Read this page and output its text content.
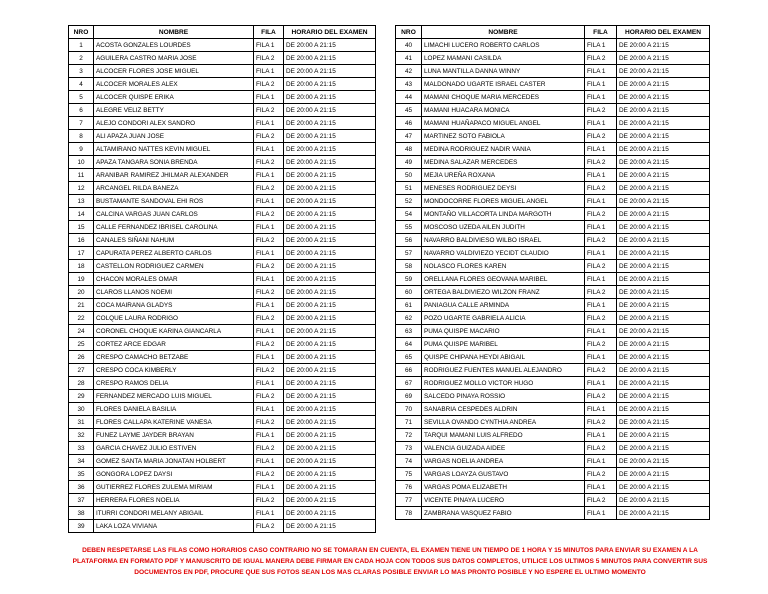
NRO	NOMBRE	FILA	HORARIO DEL EXAMEN
1	ACOSTA GONZALES LOURDES	FILA 1	DE 20:00 A 21:15
2	AGUILERA CASTRO MARIA JOSE	FILA 2	DE 20:00 A 21:15
3	ALCOCER FLORES JOSE MIGUEL	FILA 1	DE 20:00 A 21:15
4	ALCOCER MORALES ALEX	FILA 2	DE 20:00 A 21:15
5	ALCOCER QUISPE ERIKA	FILA 1	DE 20:00 A 21:15
6	ALEGRE VELIZ BETTY	FILA 2	DE 20:00 A 21:15
7	ALEJO CONDORI ALEX SANDRO	FILA 1	DE 20:00 A 21:15
8	ALI APAZA JUAN JOSE	FILA 2	DE 20:00 A 21:15
9	ALTAMIRANO NATTES KEVIN MIGUEL	FILA 1	DE 20:00 A 21:15
10	APAZA TANGARA SONIA BRENDA	FILA 2	DE 20:00 A 21:15
11	ARANIBAR RAMIREZ JHILMAR ALEXANDER	FILA 1	DE 20:00 A 21:15
12	ARCANGEL RILDA BANEZA	FILA 2	DE 20:00 A 21:15
13	BUSTAMANTE SANDOVAL EHI ROS	FILA 1	DE 20:00 A 21:15
14	CALCINA VARGAS JUAN CARLOS	FILA 2	DE 20:00 A 21:15
15	CALLE FERNANDEZ IBRISEL CAROLINA	FILA 1	DE 20:00 A 21:15
16	CANALES SIÑANI NAHUM	FILA 2	DE 20:00 A 21:15
17	CAPURATA PEREZ ALBERTO CARLOS	FILA 1	DE 20:00 A 21:15
18	CASTELLON RODRIGUEZ CARMEN	FILA 2	DE 20:00 A 21:15
19	CHACON MORALES OMAR	FILA 1	DE 20:00 A 21:15
20	CLAROS LLANOS NOEMI	FILA 2	DE 20:00 A 21:15
21	COCA MAIRANA GLADYS	FILA 1	DE 20:00 A 21:15
22	COLQUE LAURA RODRIGO	FILA 2	DE 20:00 A 21:15
24	CORONEL CHOQUE KARINA GIANCARLA	FILA 1	DE 20:00 A 21:15
25	CORTEZ ARCE EDGAR	FILA 2	DE 20:00 A 21:15
26	CRESPO CAMACHO BETZABE	FILA 1	DE 20:00 A 21:15
27	CRESPO COCA KIMBERLY	FILA 2	DE 20:00 A 21:15
28	CRESPO RAMOS DELIA	FILA 1	DE 20:00 A 21:15
29	FERNANDEZ MERCADO LUIS MIGUEL	FILA 2	DE 20:00 A 21:15
30	FLORES DANIELA BASILIA	FILA 1	DE 20:00 A 21:15
31	FLORES CALLAPA KATERINE VANESA	FILA 2	DE 20:00 A 21:15
32	FUNEZ LAYME JAYDER BRAYAN	FILA 1	DE 20:00 A 21:15
33	GARCIA CHAVEZ JULIO ESTIVEN	FILA 2	DE 20:00 A 21:15
34	GOMEZ SANTA MARIA JONATAN HOLBERT	FILA 1	DE 20:00 A 21:15
35	GONGORA LOPEZ DAYSI	FILA 2	DE 20:00 A 21:15
36	GUTIERREZ FLORES ZULEMA MIRIAM	FILA 1	DE 20:00 A 21:15
37	HERRERA FLORES NOELIA	FILA 2	DE 20:00 A 21:15
38	ITURRI CONDORI MELANY ABIGAIL	FILA 1	DE 20:00 A 21:15
39	LAKA LOZA VIVIANA	FILA 2	DE 20:00 A 21:15
NRO	NOMBRE	FILA	HORARIO DEL EXAMEN
40	LIMACHI LUCERO ROBERTO CARLOS	FILA 1	DE 20:00 A 21:15
41	LOPEZ MAMANI CASILDA	FILA 2	DE 20:00 A 21:15
42	LUNA MANTILLA DANNA WINNY	FILA 1	DE 20:00 A 21:15
43	MALDONADO UGARTE ISRAEL CASTER	FILA 1	DE 20:00 A 21:15
44	MAMANI CHOQUE MARIA MERCEDES	FILA 1	DE 20:00 A 21:15
45	MAMANI HUACARA MONICA	FILA 2	DE 20:00 A 21:15
46	MAMANI HUAÑAPACO MIGUEL ANGEL	FILA 1	DE 20:00 A 21:15
47	MARTINEZ SOTO FABIOLA	FILA 2	DE 20:00 A 21:15
48	MEDINA RODRIGUEZ NADIR VANIA	FILA 1	DE 20:00 A 21:15
49	MEDINA SALAZAR MERCEDES	FILA 2	DE 20:00 A 21:15
50	MEJIA UREÑA ROXANA	FILA 1	DE 20:00 A 21:15
51	MENESES RODRIGUEZ DEYSI	FILA 2	DE 20:00 A 21:15
52	MONDOCORRE FLORES MIGUEL ANGEL	FILA 1	DE 20:00 A 21:15
54	MONTAÑO VILLACORTA LINDA MARGOTH	FILA 2	DE 20:00 A 21:15
55	MOSCOSO UZEDA AILEN JUDITH	FILA 1	DE 20:00 A 21:15
56	NAVARRO BALDIVIESO WILBO ISRAEL	FILA 2	DE 20:00 A 21:15
57	NAVARRO VALDIVIEZO YECIDT CLAUDIO	FILA 1	DE 20:00 A 21:15
58	NOLASCO FLORES KAREN	FILA 2	DE 20:00 A 21:15
59	ORELLANA FLORES GEOVANA MARIBEL	FILA 1	DE 20:00 A 21:15
60	ORTEGA BALDIVIEZO WILZON FRANZ	FILA 2	DE 20:00 A 21:15
61	PANIAGUA CALLE ARMINDA	FILA 1	DE 20:00 A 21:15
62	POZO UGARTE GABRIELA ALICIA	FILA 2	DE 20:00 A 21:15
63	PUMA QUISPE MACARIO	FILA 1	DE 20:00 A 21:15
64	PUMA QUISPE MARIBEL	FILA 2	DE 20:00 A 21:15
65	QUISPE CHIPANA HEYDI ABIGAIL	FILA 1	DE 20:00 A 21:15
66	RODRIGUEZ FUENTES MANUEL ALEJANDRO	FILA 2	DE 20:00 A 21:15
67	RODRIGUEZ MOLLO VICTOR HUGO	FILA 1	DE 20:00 A 21:15
69	SALCEDO PINAYA ROSSIO	FILA 2	DE 20:00 A 21:15
70	SANABRIA CESPEDES ALDRIN	FILA 1	DE 20:00 A 21:15
71	SEVILLA OVANDO CYNTHIA ANDREA	FILA 2	DE 20:00 A 21:15
72	TARQUI MAMANI LUIS ALFREDO	FILA 1	DE 20:00 A 21:15
73	VALENCIA GUIZADA AIDEE	FILA 2	DE 20:00 A 21:15
74	VARGAS NOELIA ANDREA	FILA 1	DE 20:00 A 21:15
75	VARGAS LOAYZA GUSTAVO	FILA 2	DE 20:00 A 21:15
76	VARGAS POMA ELIZABETH	FILA 1	DE 20:00 A 21:15
77	VICENTE PINAYA LUCERO	FILA 2	DE 20:00 A 21:15
78	ZAMBRANA VASQUEZ FABIO	FILA 1	DE 20:00 A 21:15
DEBEN RESPETARSE LAS FILAS COMO HORARIOS CASO CONTRARIO NO SE TOMARAN EN CUENTA, EL EXAMEN TIENE UN TIEMPO DE 1 HORA Y 15 MINUTOS PARA ENVIAR SU EXAMEN A LA PLATAFORMA EN FORMATO PDF Y MANUSCRITO DE IGUAL MANERA DEBE FIRMAR EN CADA HOJA CON TODOS SUS DATOS COMPLETOS, UTILICE LOS ULTIMOS 5 MINUTOS PARA CONVERTIR SUS DOCUMENTOS EN PDF, PROCURE QUE SUS FOTOS SEAN LOS MAS CLARAS POSIBLE ENVIAR LO MAS PRONTO POSIBLE Y NO ESPERE EL ULTIMO MOMENTO
